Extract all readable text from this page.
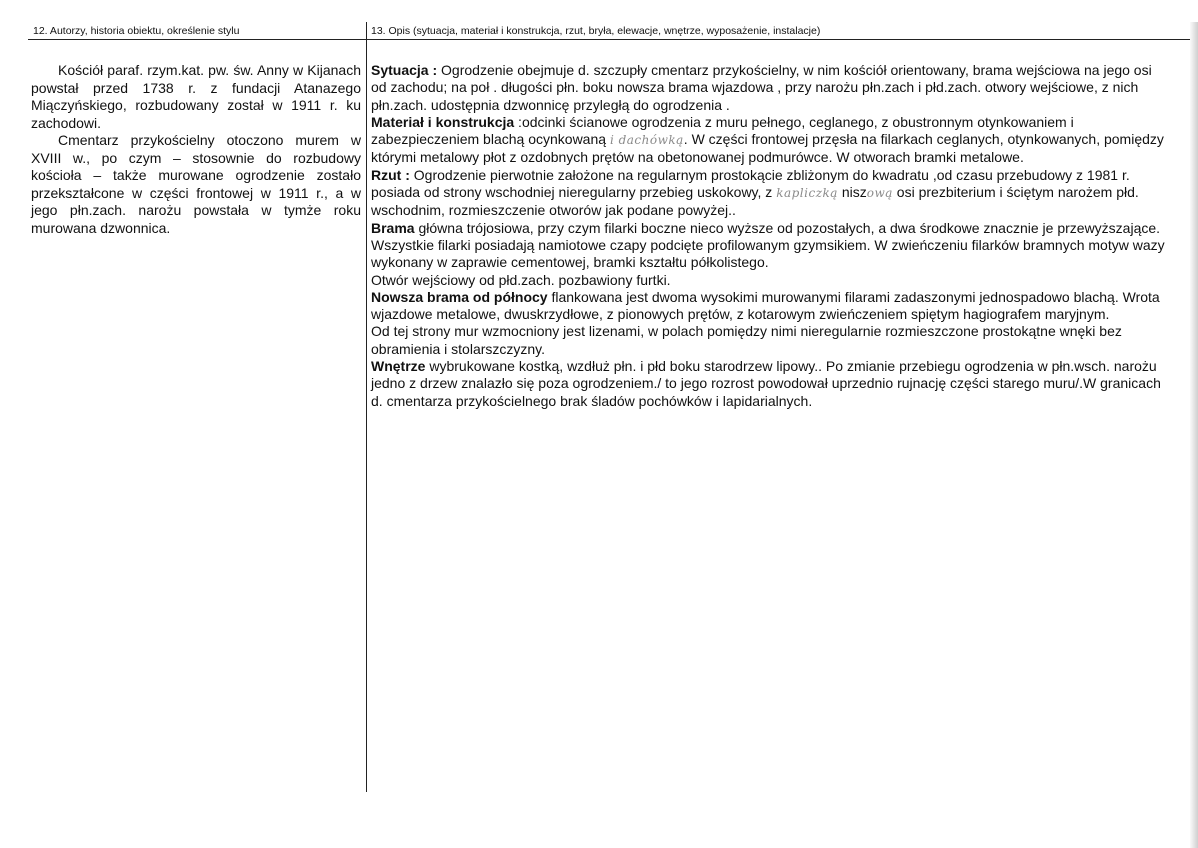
12. Autorzy, historia obiektu, określenie stylu	13. Opis (sytuacja, materiał i konstrukcja, rzut, bryła, elewacje, wnętrze, wyposażenie, instalacje)

Kościół paraf. rzym.kat. pw. św. Anny w Kijanach powstał przed 1738 r. z fundacji Atanazego Miączyńskiego, rozbudowany został w 1911 r. ku zachodowi.

Cmentarz przykościelny otoczono murem w XVIII w., po czym – stosownie do rozbudowy kościoła – także murowane ogrodzenie zostało przekształcone w części frontowej w 1911 r., a w jego płn.zach. narożu powstała w tymże roku murowana dzwonnica.

Sytuacja : Ogrodzenie obejmuje d. szczupły cmentarz przykościelny, w nim kościół orientowany, brama wejściowa na jego osi od zachodu; na poł . długości płn. boku nowsza brama wjazdowa , przy narożu płn.zach i płd.zach. otwory wejściowe, z nich płn.zach. udostępnia dzwonnicę przyległą do ogrodzenia .
Materiał i konstrukcja :odcinki ścianowe ogrodzenia z muru pełnego, ceglanego, z obustronnym otynkowaniem i zabezpieczeniem blachą ocynkowaną i dachówką. W części frontowej przęsła na filarkach ceglanych, otynkowanych, pomiędzy którymi metalowy płot z ozdobnych prętów na obetonowanej podmurówce. W otworach bramki metalowe.
Rzut : Ogrodzenie pierwotnie założone na regularnym prostokącie zbliżonym do kwadratu ,od czasu przebudowy z 1981 r. posiada od strony wschodniej nieregularny przebieg uskokowy, z kapliczką niszową osi prezbiterium i ściętym narożem płd. wschodnim, rozmieszczenie otworów jak podane powyżej..
Brama główna trójosiowa, przy czym filarki boczne nieco wyższe od pozostałych, a dwa środkowe znacznie je przewyższające. Wszystkie filarki posiadają namiotowe czapy podcięte profilowanym gzymsikiem. W zwieńczeniu filarków bramnych motyw wazy wykonany w zaprawie cementowej, bramki kształtu półkolistego.
Otwór wejściowy od płd.zach. pozbawiony furtki.
Nowsza brama od północy flankowana jest dwoma wysokimi murowanymi filarami zadaszonymi jednospadowo blachą. Wrota wjazdowe metalowe, dwuskrzydłowe, z pionowych prętów, z kotarowym zwieńczeniem spiętym hagiografem maryjnym.
Od tej strony mur wzmocniony jest lizenami, w polach pomiędzy nimi nieregularnie rozmieszczone prostokątne wnęki bez obramienia i stolarszczyzny.
Wnętrze wybrukowane kostką, wzdłuż płn. i płd boku starodrzew lipowy.. Po zmianie przebiegu ogrodzenia w płn.wsch. narożu jedno z drzew znalazło się poza ogrodzeniem./ to jego rozrost powodował uprzednio rujnację części starego muru/.W granicach d. cmentarza przykościelnego brak śladów pochówków i lapidarialnych.
